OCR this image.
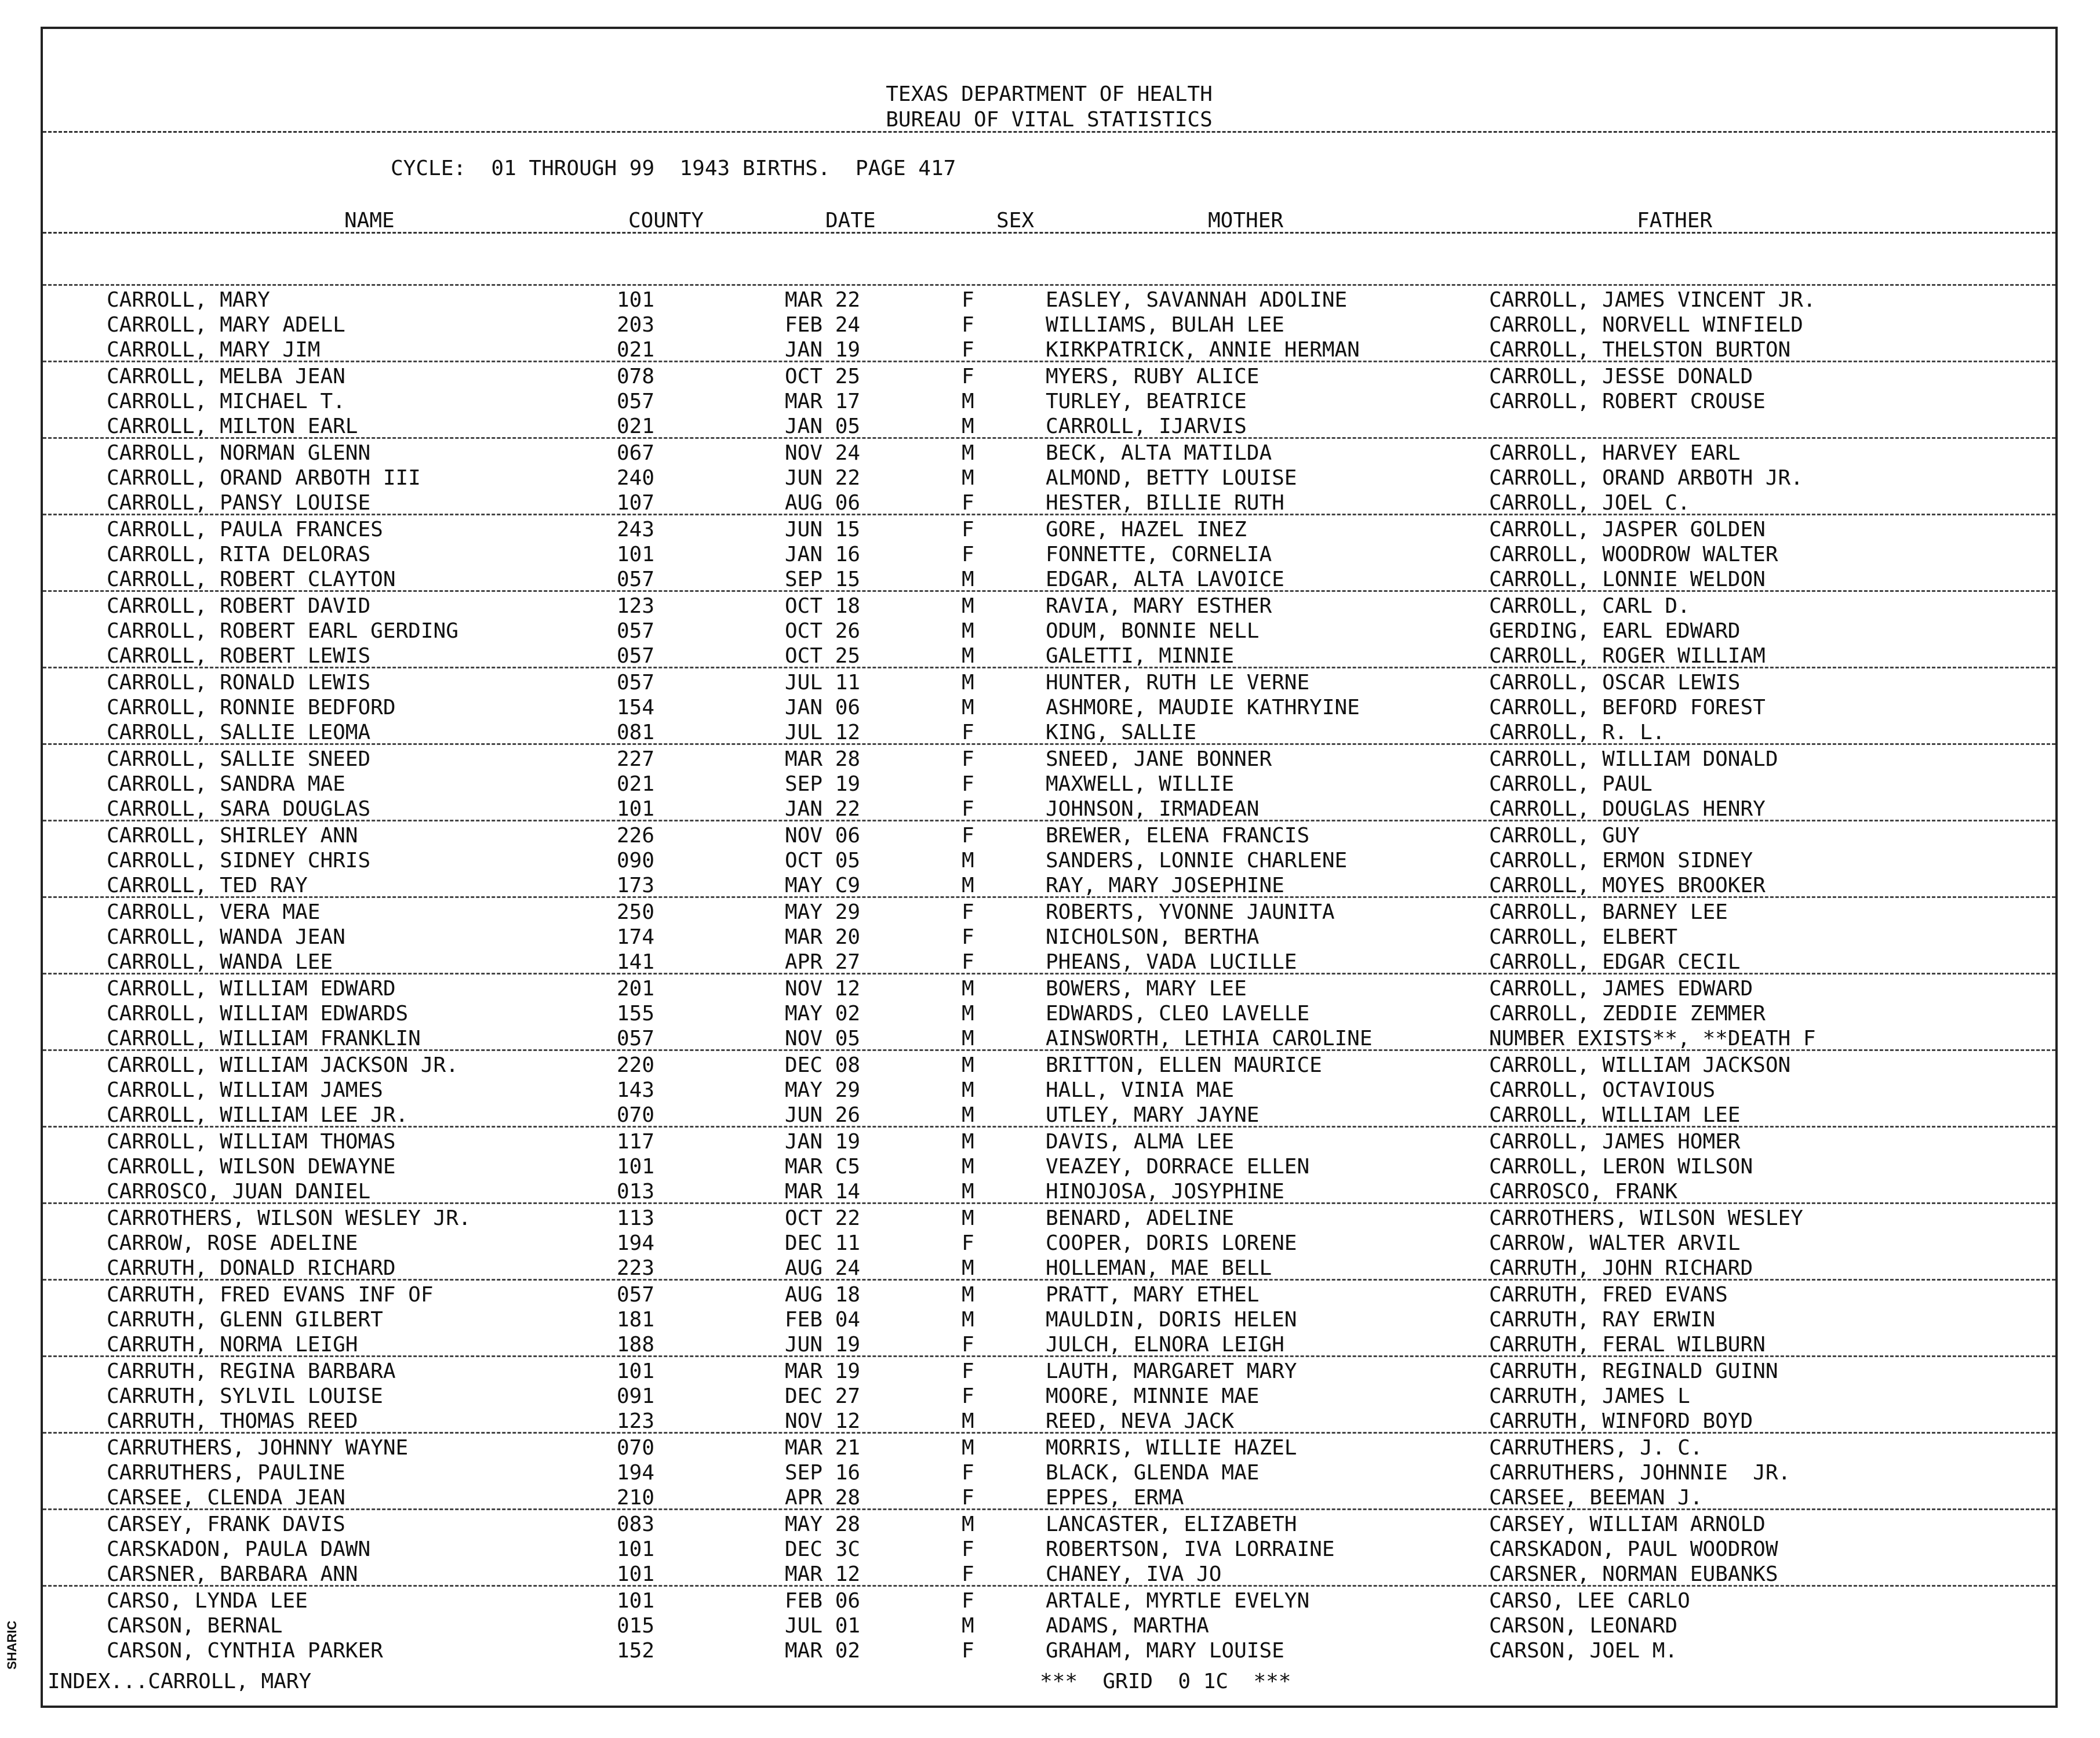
SHARIC
TEXAS DEPARTMENT OF HEALTH
BUREAU OF VITAL STATISTICS
CYCLE:  01 THROUGH 99  1943 BIRTHS.  PAGE 417
NAME	COUNTY	DATE	SEX	MOTHER	FATHER
CARROLL, MARY	101	MAR 22	F	EASLEY, SAVANNAH ADOLINE	CARROLL, JAMES VINCENT JR.
CARROLL, MARY ADELL	203	FEB 24	F	WILLIAMS, BULAH LEE	CARROLL, NORVELL WINFIELD
CARROLL, MARY JIM	021	JAN 19	F	KIRKPATRICK, ANNIE HERMAN	CARROLL, THELSTON BURTON
CARROLL, MELBA JEAN	078	OCT 25	F	MYERS, RUBY ALICE	CARROLL, JESSE DONALD
CARROLL, MICHAEL T.	057	MAR 17	M	TURLEY, BEATRICE	CARROLL, ROBERT CROUSE
CARROLL, MILTON EARL	021	JAN 05	M	CARROLL, IJARVIS
CARROLL, NORMAN GLENN	067	NOV 24	M	BECK, ALTA MATILDA	CARROLL, HARVEY EARL
CARROLL, ORAND ARBOTH III	240	JUN 22	M	ALMOND, BETTY LOUISE	CARROLL, ORAND ARBOTH JR.
CARROLL, PANSY LOUISE	107	AUG 06	F	HESTER, BILLIE RUTH	CARROLL, JOEL C.
CARROLL, PAULA FRANCES	243	JUN 15	F	GORE, HAZEL INEZ	CARROLL, JASPER GOLDEN
CARROLL, RITA DELORAS	101	JAN 16	F	FONNETTE, CORNELIA	CARROLL, WOODROW WALTER
CARROLL, ROBERT CLAYTON	057	SEP 15	M	EDGAR, ALTA LAVOICE	CARROLL, LONNIE WELDON
CARROLL, ROBERT DAVID	123	OCT 18	M	RAVIA, MARY ESTHER	CARROLL, CARL D.
CARROLL, ROBERT EARL GERDING	057	OCT 26	M	ODUM, BONNIE NELL	GERDING, EARL EDWARD
CARROLL, ROBERT LEWIS	057	OCT 25	M	GALETTI, MINNIE	CARROLL, ROGER WILLIAM
CARROLL, RONALD LEWIS	057	JUL 11	M	HUNTER, RUTH LE VERNE	CARROLL, OSCAR LEWIS
CARROLL, RONNIE BEDFORD	154	JAN 06	M	ASHMORE, MAUDIE KATHRYINE	CARROLL, BEFORD FOREST
CARROLL, SALLIE LEOMA	081	JUL 12	F	KING, SALLIE	CARROLL, R. L.
CARROLL, SALLIE SNEED	227	MAR 28	F	SNEED, JANE BONNER	CARROLL, WILLIAM DONALD
CARROLL, SANDRA MAE	021	SEP 19	F	MAXWELL, WILLIE	CARROLL, PAUL
CARROLL, SARA DOUGLAS	101	JAN 22	F	JOHNSON, IRMADEAN	CARROLL, DOUGLAS HENRY
CARROLL, SHIRLEY ANN	226	NOV 06	F	BREWER, ELENA FRANCIS	CARROLL, GUY
CARROLL, SIDNEY CHRIS	090	OCT 05	M	SANDERS, LONNIE CHARLENE	CARROLL, ERMON SIDNEY
CARROLL, TED RAY	173	MAY C9	M	RAY, MARY JOSEPHINE	CARROLL, MOYES BROOKER
CARROLL, VERA MAE	250	MAY 29	F	ROBERTS, YVONNE JAUNITA	CARROLL, BARNEY LEE
CARROLL, WANDA JEAN	174	MAR 20	F	NICHOLSON, BERTHA	CARROLL, ELBERT
CARROLL, WANDA LEE	141	APR 27	F	PHEANS, VADA LUCILLE	CARROLL, EDGAR CECIL
CARROLL, WILLIAM EDWARD	201	NOV 12	M	BOWERS, MARY LEE	CARROLL, JAMES EDWARD
CARROLL, WILLIAM EDWARDS	155	MAY 02	M	EDWARDS, CLEO LAVELLE	CARROLL, ZEDDIE ZEMMER
CARROLL, WILLIAM FRANKLIN	057	NOV 05	M	AINSWORTH, LETHIA CAROLINE	NUMBER EXISTS**, **DEATH F
CARROLL, WILLIAM JACKSON JR.	220	DEC 08	M	BRITTON, ELLEN MAURICE	CARROLL, WILLIAM JACKSON
CARROLL, WILLIAM JAMES	143	MAY 29	M	HALL, VINIA MAE	CARROLL, OCTAVIOUS
CARROLL, WILLIAM LEE JR.	070	JUN 26	M	UTLEY, MARY JAYNE	CARROLL, WILLIAM LEE
CARROLL, WILLIAM THOMAS	117	JAN 19	M	DAVIS, ALMA LEE	CARROLL, JAMES HOMER
CARROLL, WILSON DEWAYNE	101	MAR C5	M	VEAZEY, DORRACE ELLEN	CARROLL, LERON WILSON
CARROSCO, JUAN DANIEL	013	MAR 14	M	HINOJOSA, JOSYPHINE	CARROSCO, FRANK
CARROTHERS, WILSON WESLEY JR.	113	OCT 22	M	BENARD, ADELINE	CARROTHERS, WILSON WESLEY
CARROW, ROSE ADELINE	194	DEC 11	F	COOPER, DORIS LORENE	CARROW, WALTER ARVIL
CARRUTH, DONALD RICHARD	223	AUG 24	M	HOLLEMAN, MAE BELL	CARRUTH, JOHN RICHARD
CARRUTH, FRED EVANS INF OF	057	AUG 18	M	PRATT, MARY ETHEL	CARRUTH, FRED EVANS
CARRUTH, GLENN GILBERT	181	FEB 04	M	MAULDIN, DORIS HELEN	CARRUTH, RAY ERWIN
CARRUTH, NORMA LEIGH	188	JUN 19	F	JULCH, ELNORA LEIGH	CARRUTH, FERAL WILBURN
CARRUTH, REGINA BARBARA	101	MAR 19	F	LAUTH, MARGARET MARY	CARRUTH, REGINALD GUINN
CARRUTH, SYLVIL LOUISE	091	DEC 27	F	MOORE, MINNIE MAE	CARRUTH, JAMES L
CARRUTH, THOMAS REED	123	NOV 12	M	REED, NEVA JACK	CARRUTH, WINFORD BOYD
CARRUTHERS, JOHNNY WAYNE	070	MAR 21	M	MORRIS, WILLIE HAZEL	CARRUTHERS, J. C.
CARRUTHERS, PAULINE	194	SEP 16	F	BLACK, GLENDA MAE	CARRUTHERS, JOHNNIE  JR.
CARSEE, CLENDA JEAN	210	APR 28	F	EPPES, ERMA	CARSEE, BEEMAN J.
CARSEY, FRANK DAVIS	083	MAY 28	M	LANCASTER, ELIZABETH	CARSEY, WILLIAM ARNOLD
CARSKADON, PAULA DAWN	101	DEC 3C	F	ROBERTSON, IVA LORRAINE	CARSKADON, PAUL WOODROW
CARSNER, BARBARA ANN	101	MAR 12	F	CHANEY, IVA JO	CARSNER, NORMAN EUBANKS
CARSO, LYNDA LEE	101	FEB 06	F	ARTALE, MYRTLE EVELYN	CARSO, LEE CARLO
CARSON, BERNAL	015	JUL 01	M	ADAMS, MARTHA	CARSON, LEONARD
CARSON, CYNTHIA PARKER	152	MAR 02	F	GRAHAM, MARY LOUISE	CARSON, JOEL M.
INDEX...CARROLL, MARY	***  GRID  0 1C  ***
